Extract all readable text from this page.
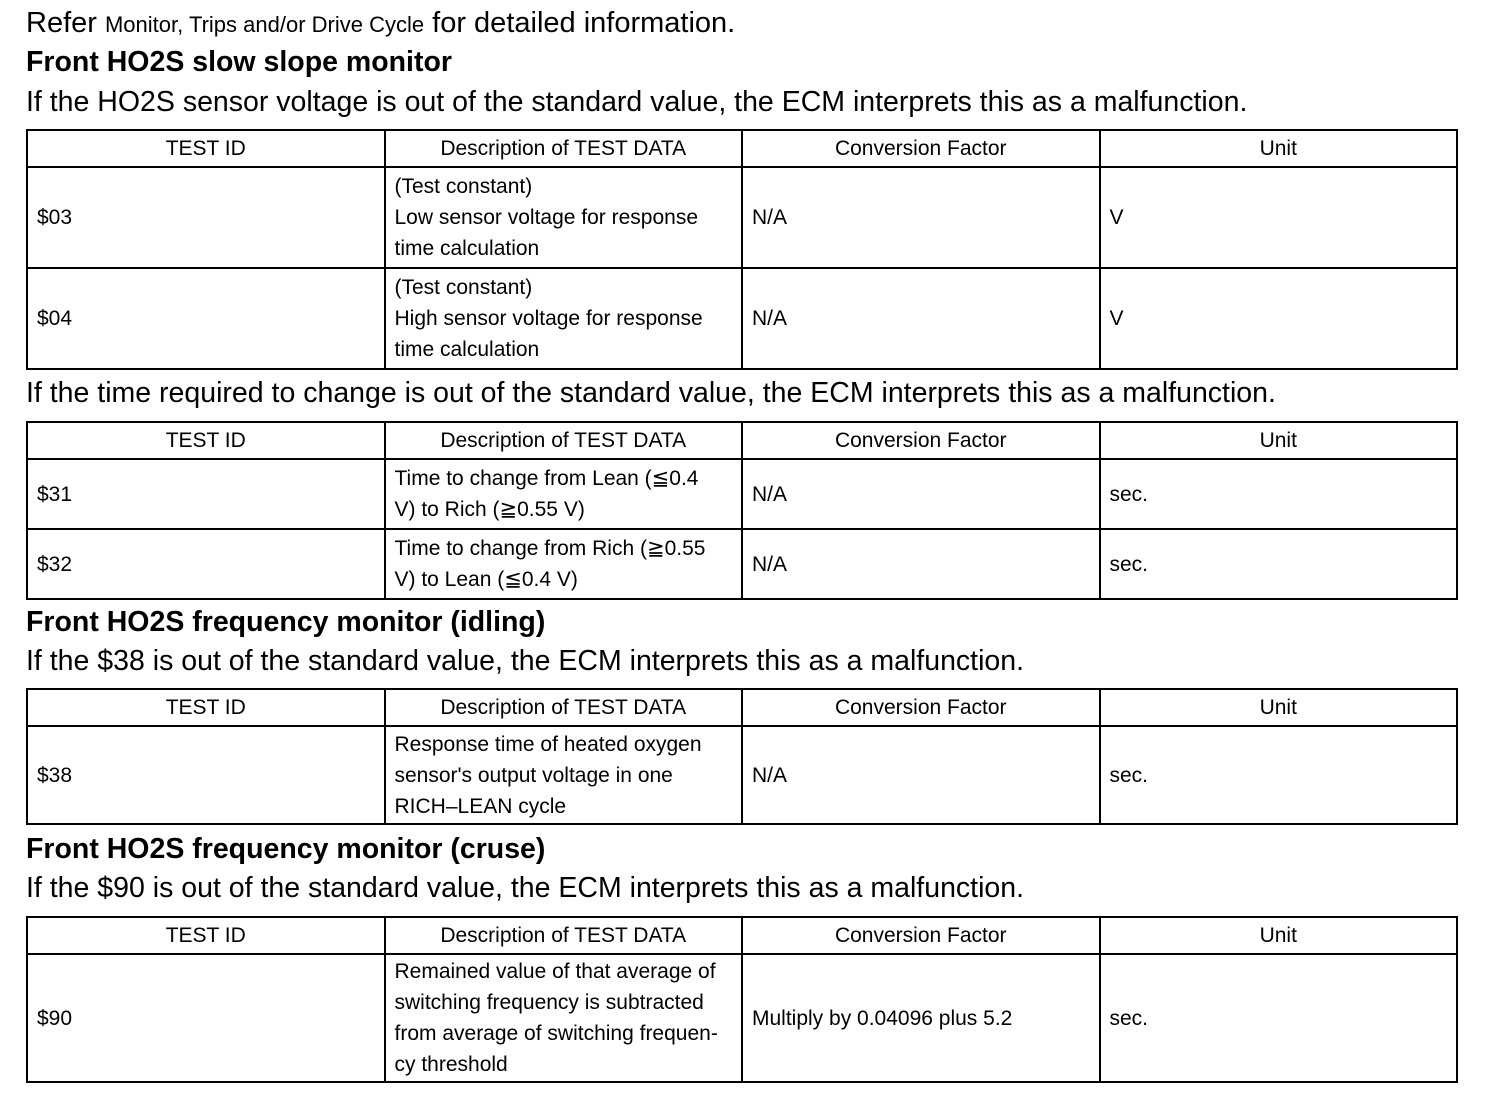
Refer Monitor, Trips and/or Drive Cycle for detailed information.
Front HO2S slow slope monitor
If the HO2S sensor voltage is out of the standard value, the ECM interprets this as a malfunction.
TEST ID	Description of TEST DATA	Conversion Factor	Unit
$03	(Test constant)
Low sensor voltage for response
time calculation	N/A	V
$04	(Test constant)
High sensor voltage for response
time calculation	N/A	V
If the time required to change is out of the standard value, the ECM interprets this as a malfunction.
TEST ID	Description of TEST DATA	Conversion Factor	Unit
$31	Time to change from Lean (≦0.4
V) to Rich (≧0.55 V)	N/A	sec.
$32	Time to change from Rich (≧0.55
V) to Lean (≦0.4 V)	N/A	sec.
Front HO2S frequency monitor (idling)
If the $38 is out of the standard value, the ECM interprets this as a malfunction.
TEST ID	Description of TEST DATA	Conversion Factor	Unit
$38	Response time of heated oxygen
sensor's output voltage in one
RICH–LEAN cycle	N/A	sec.
Front HO2S frequency monitor (cruse)
If the $90 is out of the standard value, the ECM interprets this as a malfunction.
TEST ID	Description of TEST DATA	Conversion Factor	Unit
$90	Remained value of that average of
switching frequency is subtracted
from average of switching frequen-
cy threshold	Multiply by 0.04096 plus 5.2	sec.
